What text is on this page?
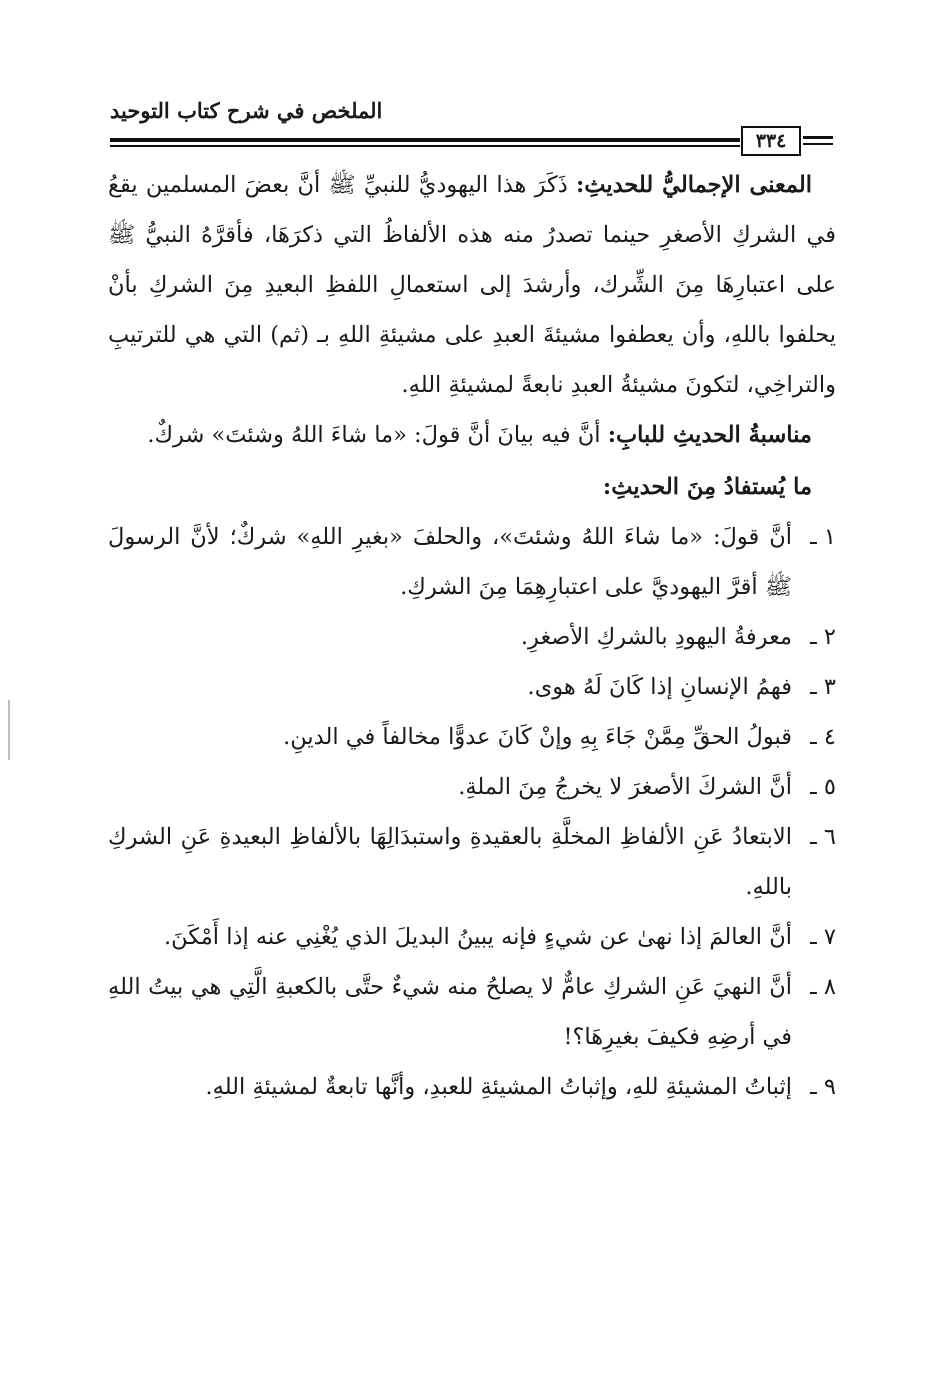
الملخص في شرح كتاب التوحيد
٣٣٤

المعنى الإجماليُّ للحديثِ: ذَكَرَ هذا اليهوديُّ للنبيِّ ﷺ أنَّ بعضَ المسلمين يقعُ في الشركِ الأصغرِ حينما تصدرُ منه هذه الألفاظُ التي ذكرَهَا، فأقرَّهُ النبيُّ ﷺ على اعتبارِهَا مِنَ الشِّرك، وأرشدَ إلى استعمالِ اللفظِ البعيدِ مِنَ الشركِ بأنْ يحلفوا باللهِ، وأن يعطفوا مشيئةَ العبدِ على مشيئةِ اللهِ بـ (ثم) التي هي للترتيبِ والتراخِي، لتكونَ مشيئةُ العبدِ نابعةً لمشيئةِ اللهِ.

مناسبةُ الحديثِ للبابِ: أنَّ فيه بيانَ أنَّ قولَ: «ما شاءَ اللهُ وشئتَ» شركٌ.

ما يُستفادُ مِنَ الحديثِ:

١ ـ
أنَّ قولَ: «ما شاءَ اللهُ وشئتَ»، والحلفَ «بغيرِ اللهِ» شركٌ؛ لأنَّ الرسولَ ﷺ أقرَّ اليهوديَّ على اعتبارِهِمَا مِنَ الشركِ.
٢ ـ
معرفةُ اليهودِ بالشركِ الأصغرِ.
٣ ـ
فهمُ الإنسانِ إذا كَانَ لَهُ هوى.
٤ ـ
قبولُ الحقِّ مِمَّنْ جَاءَ بِهِ وإنْ كَانَ عدوًّا مخالفاً في الدينِ.
٥ ـ
أنَّ الشركَ الأصغرَ لا يخرجُ مِنَ الملةِ.
٦ ـ
الابتعادُ عَنِ الألفاظِ المخلَّةِ بالعقيدةِ واستبدَالِهَا بالألفاظِ البعيدةِ عَنِ الشركِ باللهِ.
٧ ـ
أنَّ العالمَ إذا نهىٰ عن شيءٍ فإنه يبينُ البديلَ الذي يُغْنِي عنه إذا أَمْكَنَ.
٨ ـ
أنَّ النهيَ عَنِ الشركِ عامٌّ لا يصلحُ منه شيءٌ حتَّى بالكعبةِ الَّتِي هي بيتُ اللهِ في أرضِهِ فكيفَ بغيرِهَا؟!
٩ ـ
إثباتُ المشيئةِ للهِ، وإثباتُ المشيئةِ للعبدِ، وأنَّها تابعةٌ لمشيئةِ اللهِ.
